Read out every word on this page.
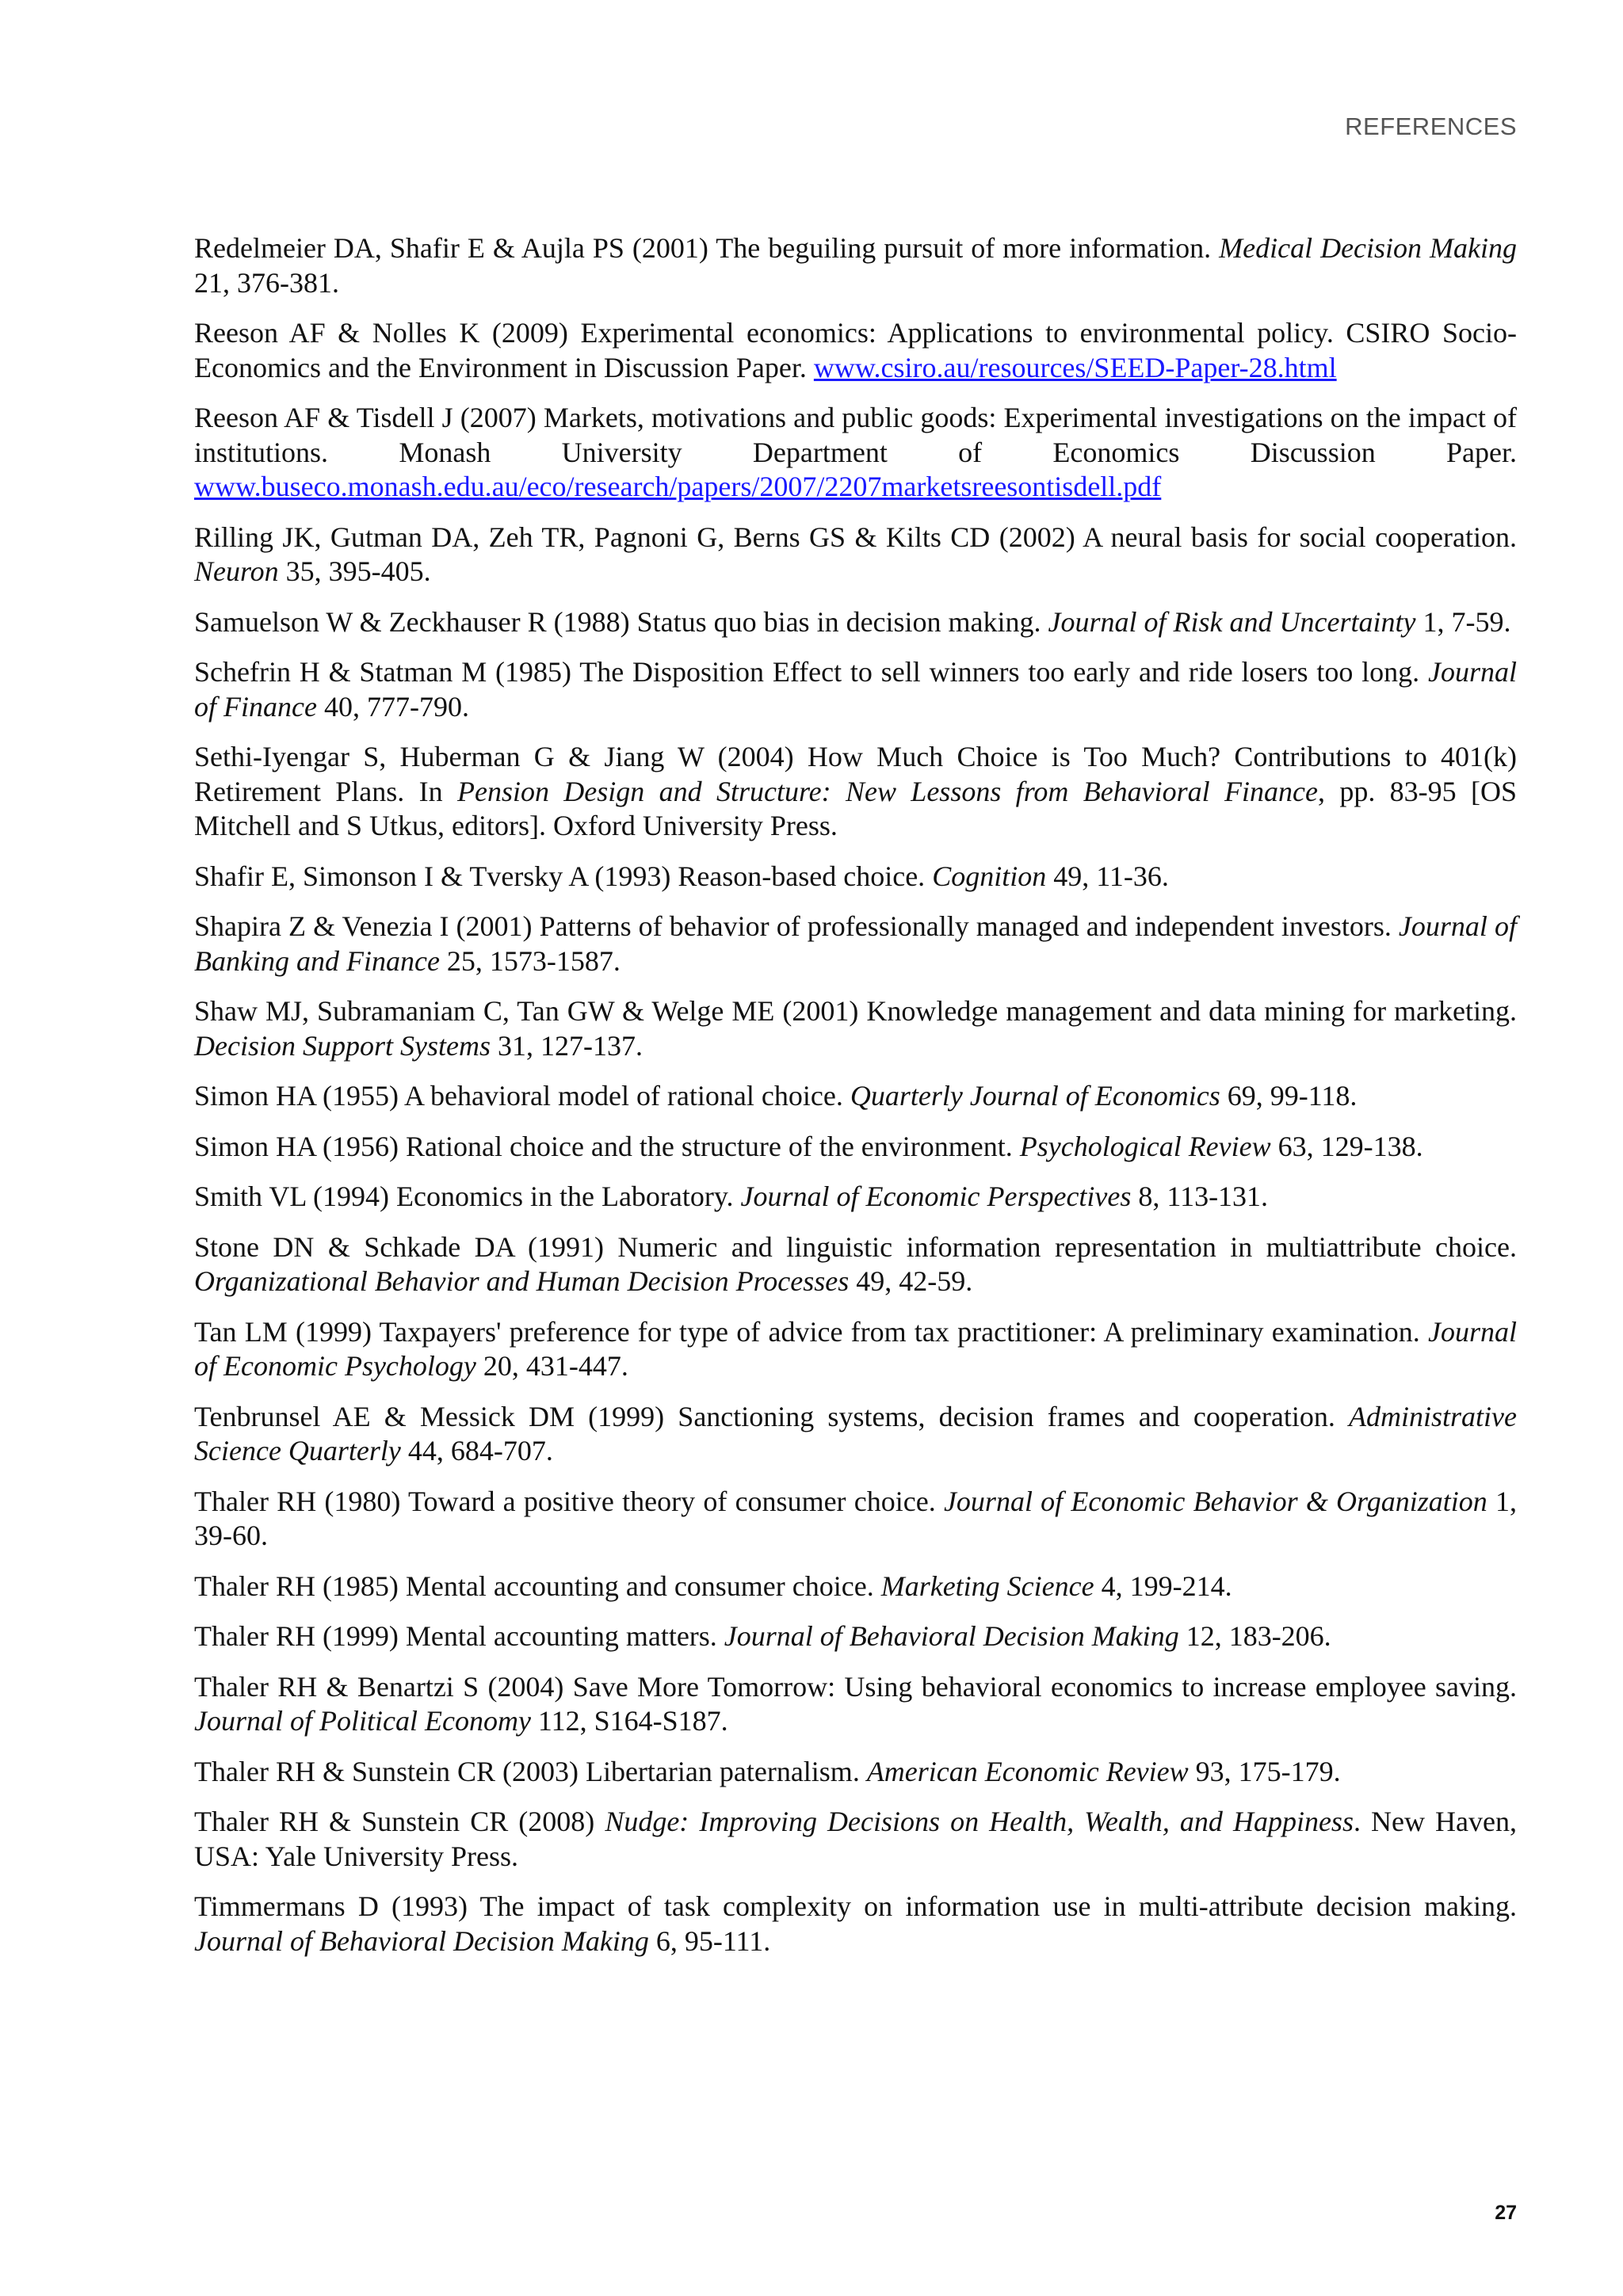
REFERENCES

Redelmeier DA, Shafir E & Aujla PS (2001) The beguiling pursuit of more information. Medical Decision Making 21, 376-381.

Reeson AF & Nolles K (2009) Experimental economics: Applications to environmental policy. CSIRO Socio-Economics and the Environment in Discussion Paper. www.csiro.au/resources/SEED-Paper-28.html

Reeson AF & Tisdell J (2007) Markets, motivations and public goods: Experimental investigations on the impact of institutions. Monash University Department of Economics Discussion Paper. www.buseco.monash.edu.au/eco/research/papers/2007/2207marketsreesontisdell.pdf

Rilling JK, Gutman DA, Zeh TR, Pagnoni G, Berns GS & Kilts CD (2002) A neural basis for social cooperation. Neuron 35, 395-405.

Samuelson W & Zeckhauser R (1988) Status quo bias in decision making. Journal of Risk and Uncertainty 1, 7-59.

Schefrin H & Statman M (1985) The Disposition Effect to sell winners too early and ride losers too long. Journal of Finance 40, 777-790.

Sethi-Iyengar S, Huberman G & Jiang W (2004) How Much Choice is Too Much? Contributions to 401(k) Retirement Plans. In Pension Design and Structure: New Lessons from Behavioral Finance, pp. 83-95 [OS Mitchell and S Utkus, editors]. Oxford University Press.

Shafir E, Simonson I & Tversky A (1993) Reason-based choice. Cognition 49, 11-36.

Shapira Z & Venezia I (2001) Patterns of behavior of professionally managed and independent investors. Journal of Banking and Finance 25, 1573-1587.

Shaw MJ, Subramaniam C, Tan GW & Welge ME (2001) Knowledge management and data mining for marketing. Decision Support Systems 31, 127-137.

Simon HA (1955) A behavioral model of rational choice. Quarterly Journal of Economics 69, 99-118.

Simon HA (1956) Rational choice and the structure of the environment. Psychological Review 63, 129-138.

Smith VL (1994) Economics in the Laboratory. Journal of Economic Perspectives 8, 113-131.

Stone DN & Schkade DA (1991) Numeric and linguistic information representation in multiattribute choice. Organizational Behavior and Human Decision Processes 49, 42-59.

Tan LM (1999) Taxpayers' preference for type of advice from tax practitioner: A preliminary examination. Journal of Economic Psychology 20, 431-447.

Tenbrunsel AE & Messick DM (1999) Sanctioning systems, decision frames and cooperation. Administrative Science Quarterly 44, 684-707.

Thaler RH (1980) Toward a positive theory of consumer choice. Journal of Economic Behavior & Organization 1, 39-60.

Thaler RH (1985) Mental accounting and consumer choice. Marketing Science 4, 199-214.

Thaler RH (1999) Mental accounting matters. Journal of Behavioral Decision Making 12, 183-206.

Thaler RH & Benartzi S (2004) Save More Tomorrow: Using behavioral economics to increase employee saving. Journal of Political Economy 112, S164-S187.

Thaler RH & Sunstein CR (2003) Libertarian paternalism. American Economic Review 93, 175-179.

Thaler RH & Sunstein CR (2008) Nudge: Improving Decisions on Health, Wealth, and Happiness. New Haven, USA: Yale University Press.

Timmermans D (1993) The impact of task complexity on information use in multi-attribute decision making. Journal of Behavioral Decision Making 6, 95-111.

27
